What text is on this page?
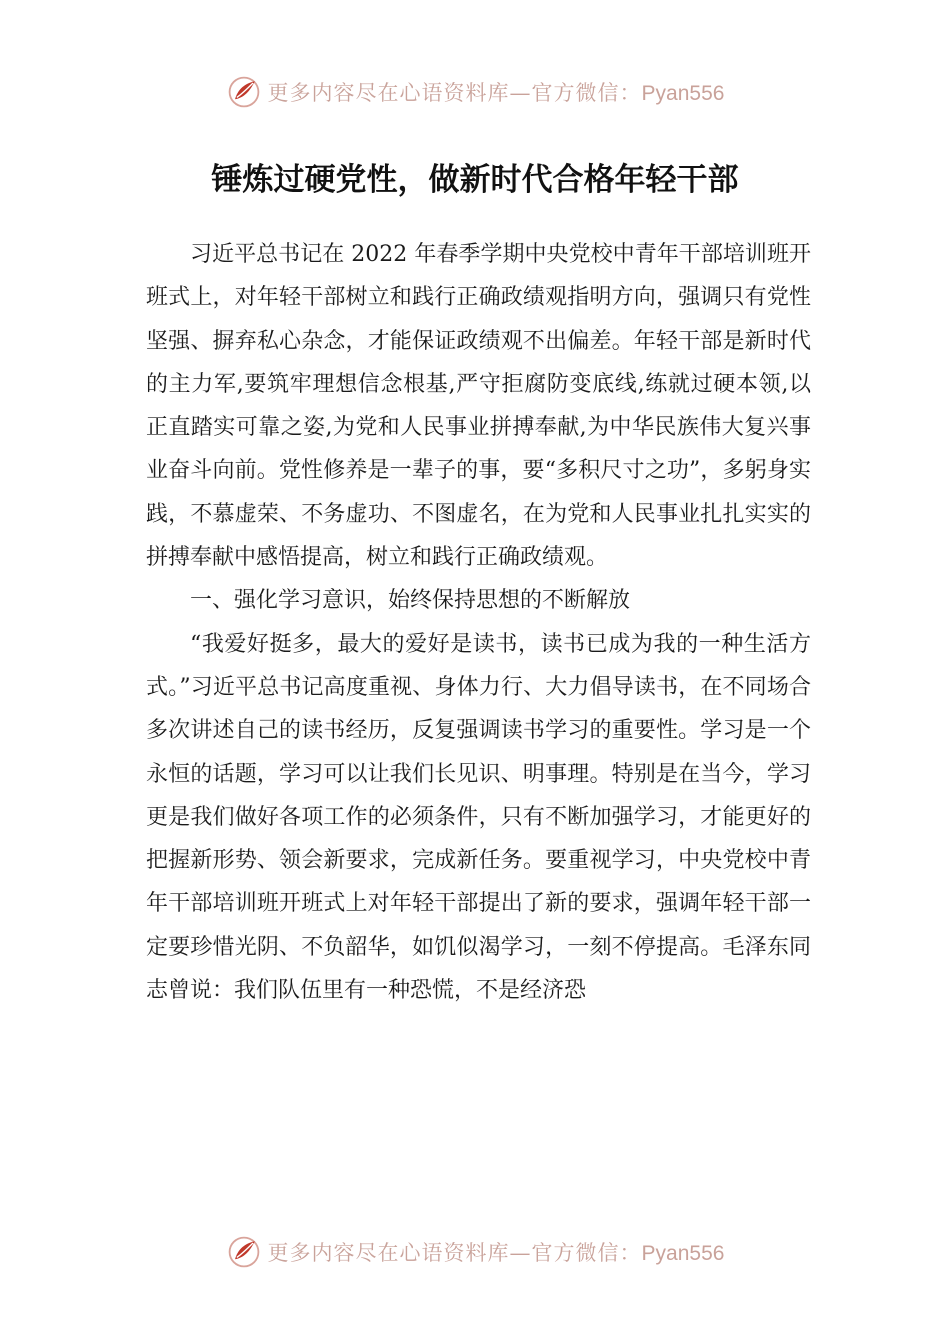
更多内容尽在心语资料库—官方微信：Pyan556
锤炼过硬党性，做新时代合格年轻干部

习近平总书记在 2022 年春季学期中央党校中青年干部培训班开班式上，对年轻干部树立和践行正确政绩观指明方向，强调只有党性坚强、摒弃私心杂念，才能保证政绩观不出偏差。年轻干部是新时代的主力军,要筑牢理想信念根基,严守拒腐防变底线,练就过硬本领,以正直踏实可靠之姿,为党和人民事业拼搏奉献,为中华民族伟大复兴事业奋斗向前。党性修养是一辈子的事，要“多积尺寸之功”，多躬身实践，不慕虚荣、不务虚功、不图虚名，在为党和人民事业扎扎实实的拼搏奉献中感悟提高，树立和践行正确政绩观。

一、强化学习意识，始终保持思想的不断解放

“我爱好挺多，最大的爱好是读书，读书已成为我的一种生活方式。”习近平总书记高度重视、身体力行、大力倡导读书，在不同场合多次讲述自己的读书经历，反复强调读书学习的重要性。学习是一个永恒的话题，学习可以让我们长见识、明事理。特别是在当今，学习更是我们做好各项工作的必须条件，只有不断加强学习，才能更好的把握新形势、领会新要求，完成新任务。要重视学习，中央党校中青年干部培训班开班式上对年轻干部提出了新的要求，强调年轻干部一定要珍惜光阴、不负韶华，如饥似渴学习，一刻不停提高。毛泽东同志曾说：我们队伍里有一种恐慌，不是经济恐

更多内容尽在心语资料库—官方微信：Pyan556
